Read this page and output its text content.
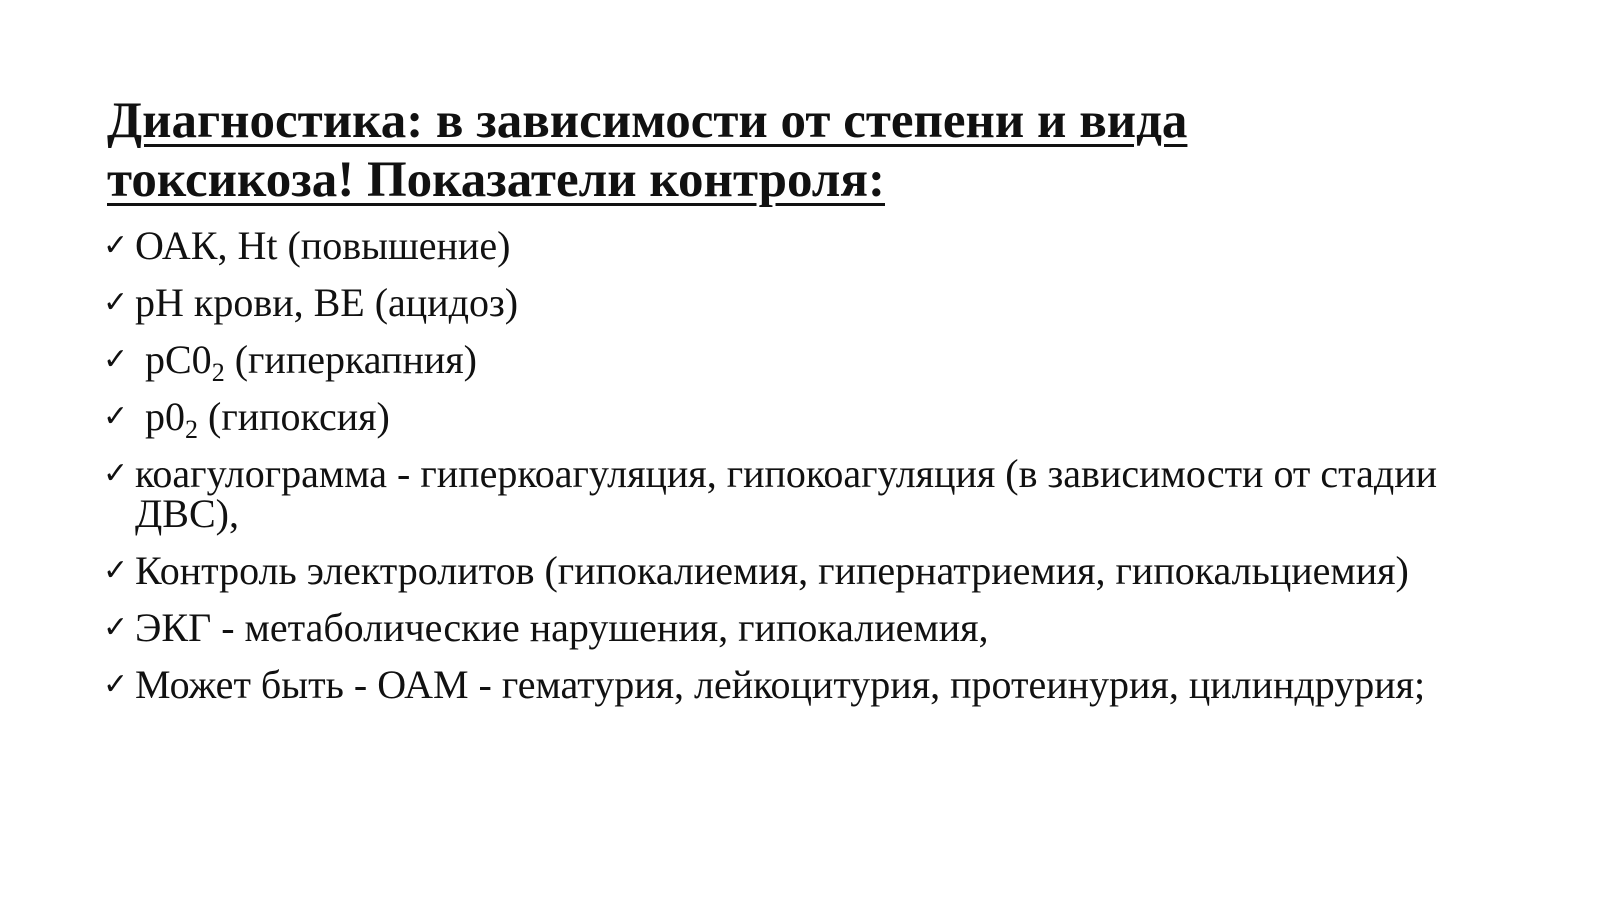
Диагностика: в зависимости от степени и вида токсикоза! Показатели контроля:
✓ ОАК, Ht (повышение)
✓ pH крови, BE (ацидоз)
✓ $pC0_2$ (гиперкапния)
✓ $p0_2$ (гипоксия)
✓ коагулограмма - гиперкоагуляция, гипокоагуляция (в зависимости от стадии ДВС),
✓ Контроль электролитов (гипокалиемия, гипернатриемия, гипокальциемия)
✓ ЭКГ - метаболические нарушения, гипокалиемия,
✓ Может быть - ОАМ - гематурия, лейкоцитурия, протеинурия, цилиндрурия;
